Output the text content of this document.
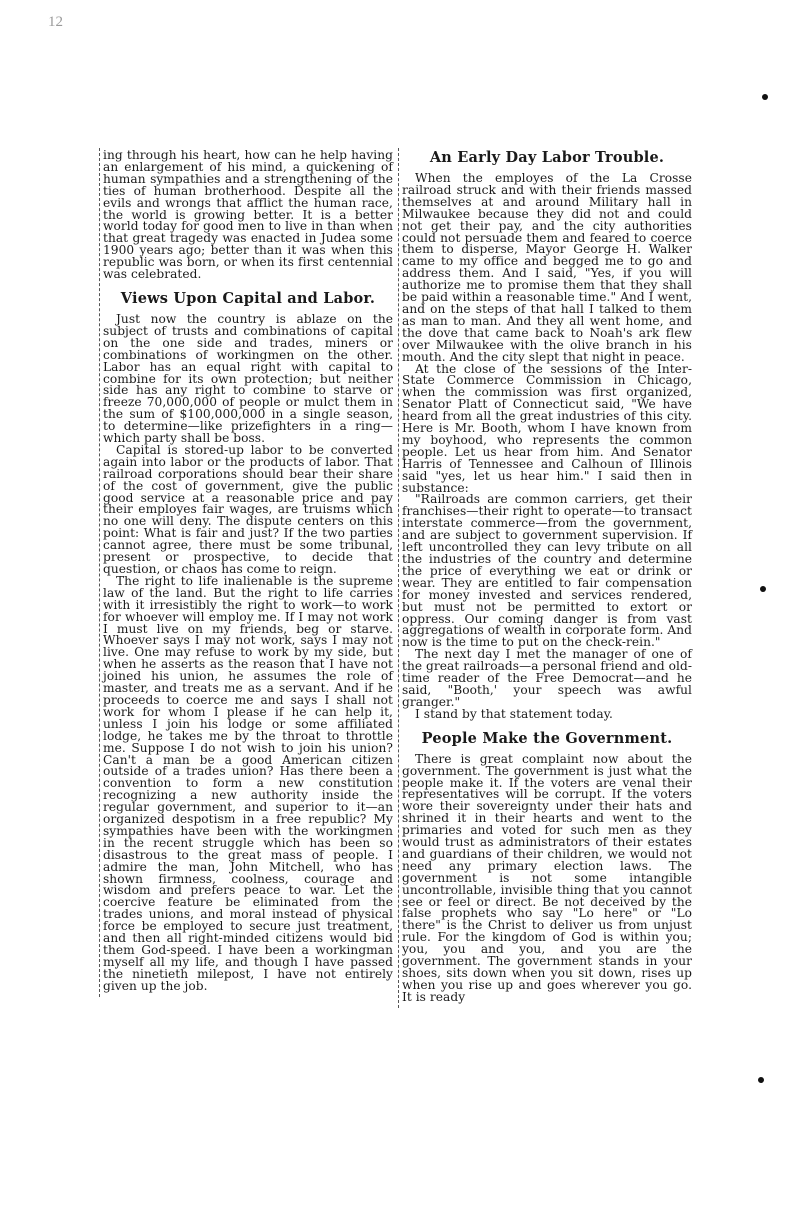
12

ing through his heart, how can he help having an enlargement of his mind, a quickening of human sympathies and a strengthening of the ties of human brotherhood. Despite all the evils and wrongs that afflict the human race, the world is growing better. It is a better world today for good men to live in than when that great tragedy was enacted in Judea some 1900 years ago; better than it was when this republic was born, or when its first centennial was celebrated.

Views Upon Capital and Labor.

Just now the country is ablaze on the subject of trusts and combinations of capital on the one side and trades, miners or combinations of workingmen on the other. Labor has an equal right with capital to combine for its own protection; but neither side has any right to combine to starve or freeze 70,000,000 of people or mulct them in the sum of $100,000,000 in a single season, to determine—like prizefighters in a ring—which party shall be boss.

Capital is stored-up labor to be converted again into labor or the products of labor. That railroad corporations should bear their share of the cost of government, give the public good service at a reasonable price and pay their employes fair wages, are truisms which no one will deny. The dispute centers on this point: What is fair and just? If the two parties cannot agree, there must be some tribunal, present or prospective, to decide that question, or chaos has come to reign.

The right to life inalienable is the supreme law of the land. But the right to life carries with it irresistibly the right to work—to work for whoever will employ me. If I may not work I must live on my friends, beg or starve. Whoever says I may not work, says I may not live. One may refuse to work by my side, but when he asserts as the reason that I have not joined his union, he assumes the role of master, and treats me as a servant. And if he proceeds to coerce me and says I shall not work for whom I please if he can help it, unless I join his lodge or some affiliated lodge, he takes me by the throat to throttle me. Suppose I do not wish to join his union? Can't a man be a good American citizen outside of a trades union? Has there been a convention to form a new constitution recognizing a new authority inside the regular government, and superior to it—an organized despotism in a free republic? My sympathies have been with the workingmen in the recent struggle which has been so disastrous to the great mass of people. I admire the man, John Mitchell, who has shown firmness, coolness, courage and wisdom and prefers peace to war. Let the coercive feature be eliminated from the trades unions, and moral instead of physical force be employed to secure just treatment, and then all right-minded citizens would bid them God-speed. I have been a workingman myself all my life, and though I have passed the ninetieth milepost, I have not entirely given up the job.

An Early Day Labor Trouble.

When the employes of the La Crosse railroad struck and with their friends massed themselves at and around Military hall in Milwaukee because they did not and could not get their pay, and the city authorities could not persuade them and feared to coerce them to disperse, Mayor George H. Walker came to my office and begged me to go and address them. And I said, "Yes, if you will authorize me to promise them that they shall be paid within a reasonable time." And I went, and on the steps of that hall I talked to them as man to man. And they all went home, and the dove that came back to Noah's ark flew over Milwaukee with the olive branch in his mouth. And the city slept that night in peace.

At the close of the sessions of the Inter-State Commerce Commission in Chicago, when the commission was first organized, Senator Platt of Connecticut said, "We have heard from all the great industries of this city. Here is Mr. Booth, whom I have known from my boyhood, who represents the common people. Let us hear from him. And Senator Harris of Tennessee and Calhoun of Illinois said "yes, let us hear him." I said then in substance:

"Railroads are common carriers, get their franchises—their right to operate—to transact interstate commerce—from the government, and are subject to government supervision. If left uncontrolled they can levy tribute on all the industries of the country and determine the price of everything we eat or drink or wear. They are entitled to fair compensation for money invested and services rendered, but must not be permitted to extort or oppress. Our coming danger is from vast aggregations of wealth in corporate form. And now is the time to put on the check-rein."

The next day I met the manager of one of the great railroads—a personal friend and old-time reader of the Free Democrat—and he said, "Booth,' your speech was awful granger."

I stand by that statement today.

People Make the Government.

There is great complaint now about the government. The government is just what the people make it. If the voters are venal their representatives will be corrupt. If the voters wore their sovereignty under their hats and shrined it in their hearts and went to the primaries and voted for such men as they would trust as administrators of their estates and guardians of their children, we would not need any primary election laws. The government is not some intangible uncontrollable, invisible thing that you cannot see or feel or direct. Be not deceived by the false prophets who say "Lo here" or "Lo there" is the Christ to deliver us from unjust rule. For the kingdom of God is within you; you, you and you, and you are the government. The government stands in your shoes, sits down when you sit down, rises up when you rise up and goes wherever you go. It is ready
